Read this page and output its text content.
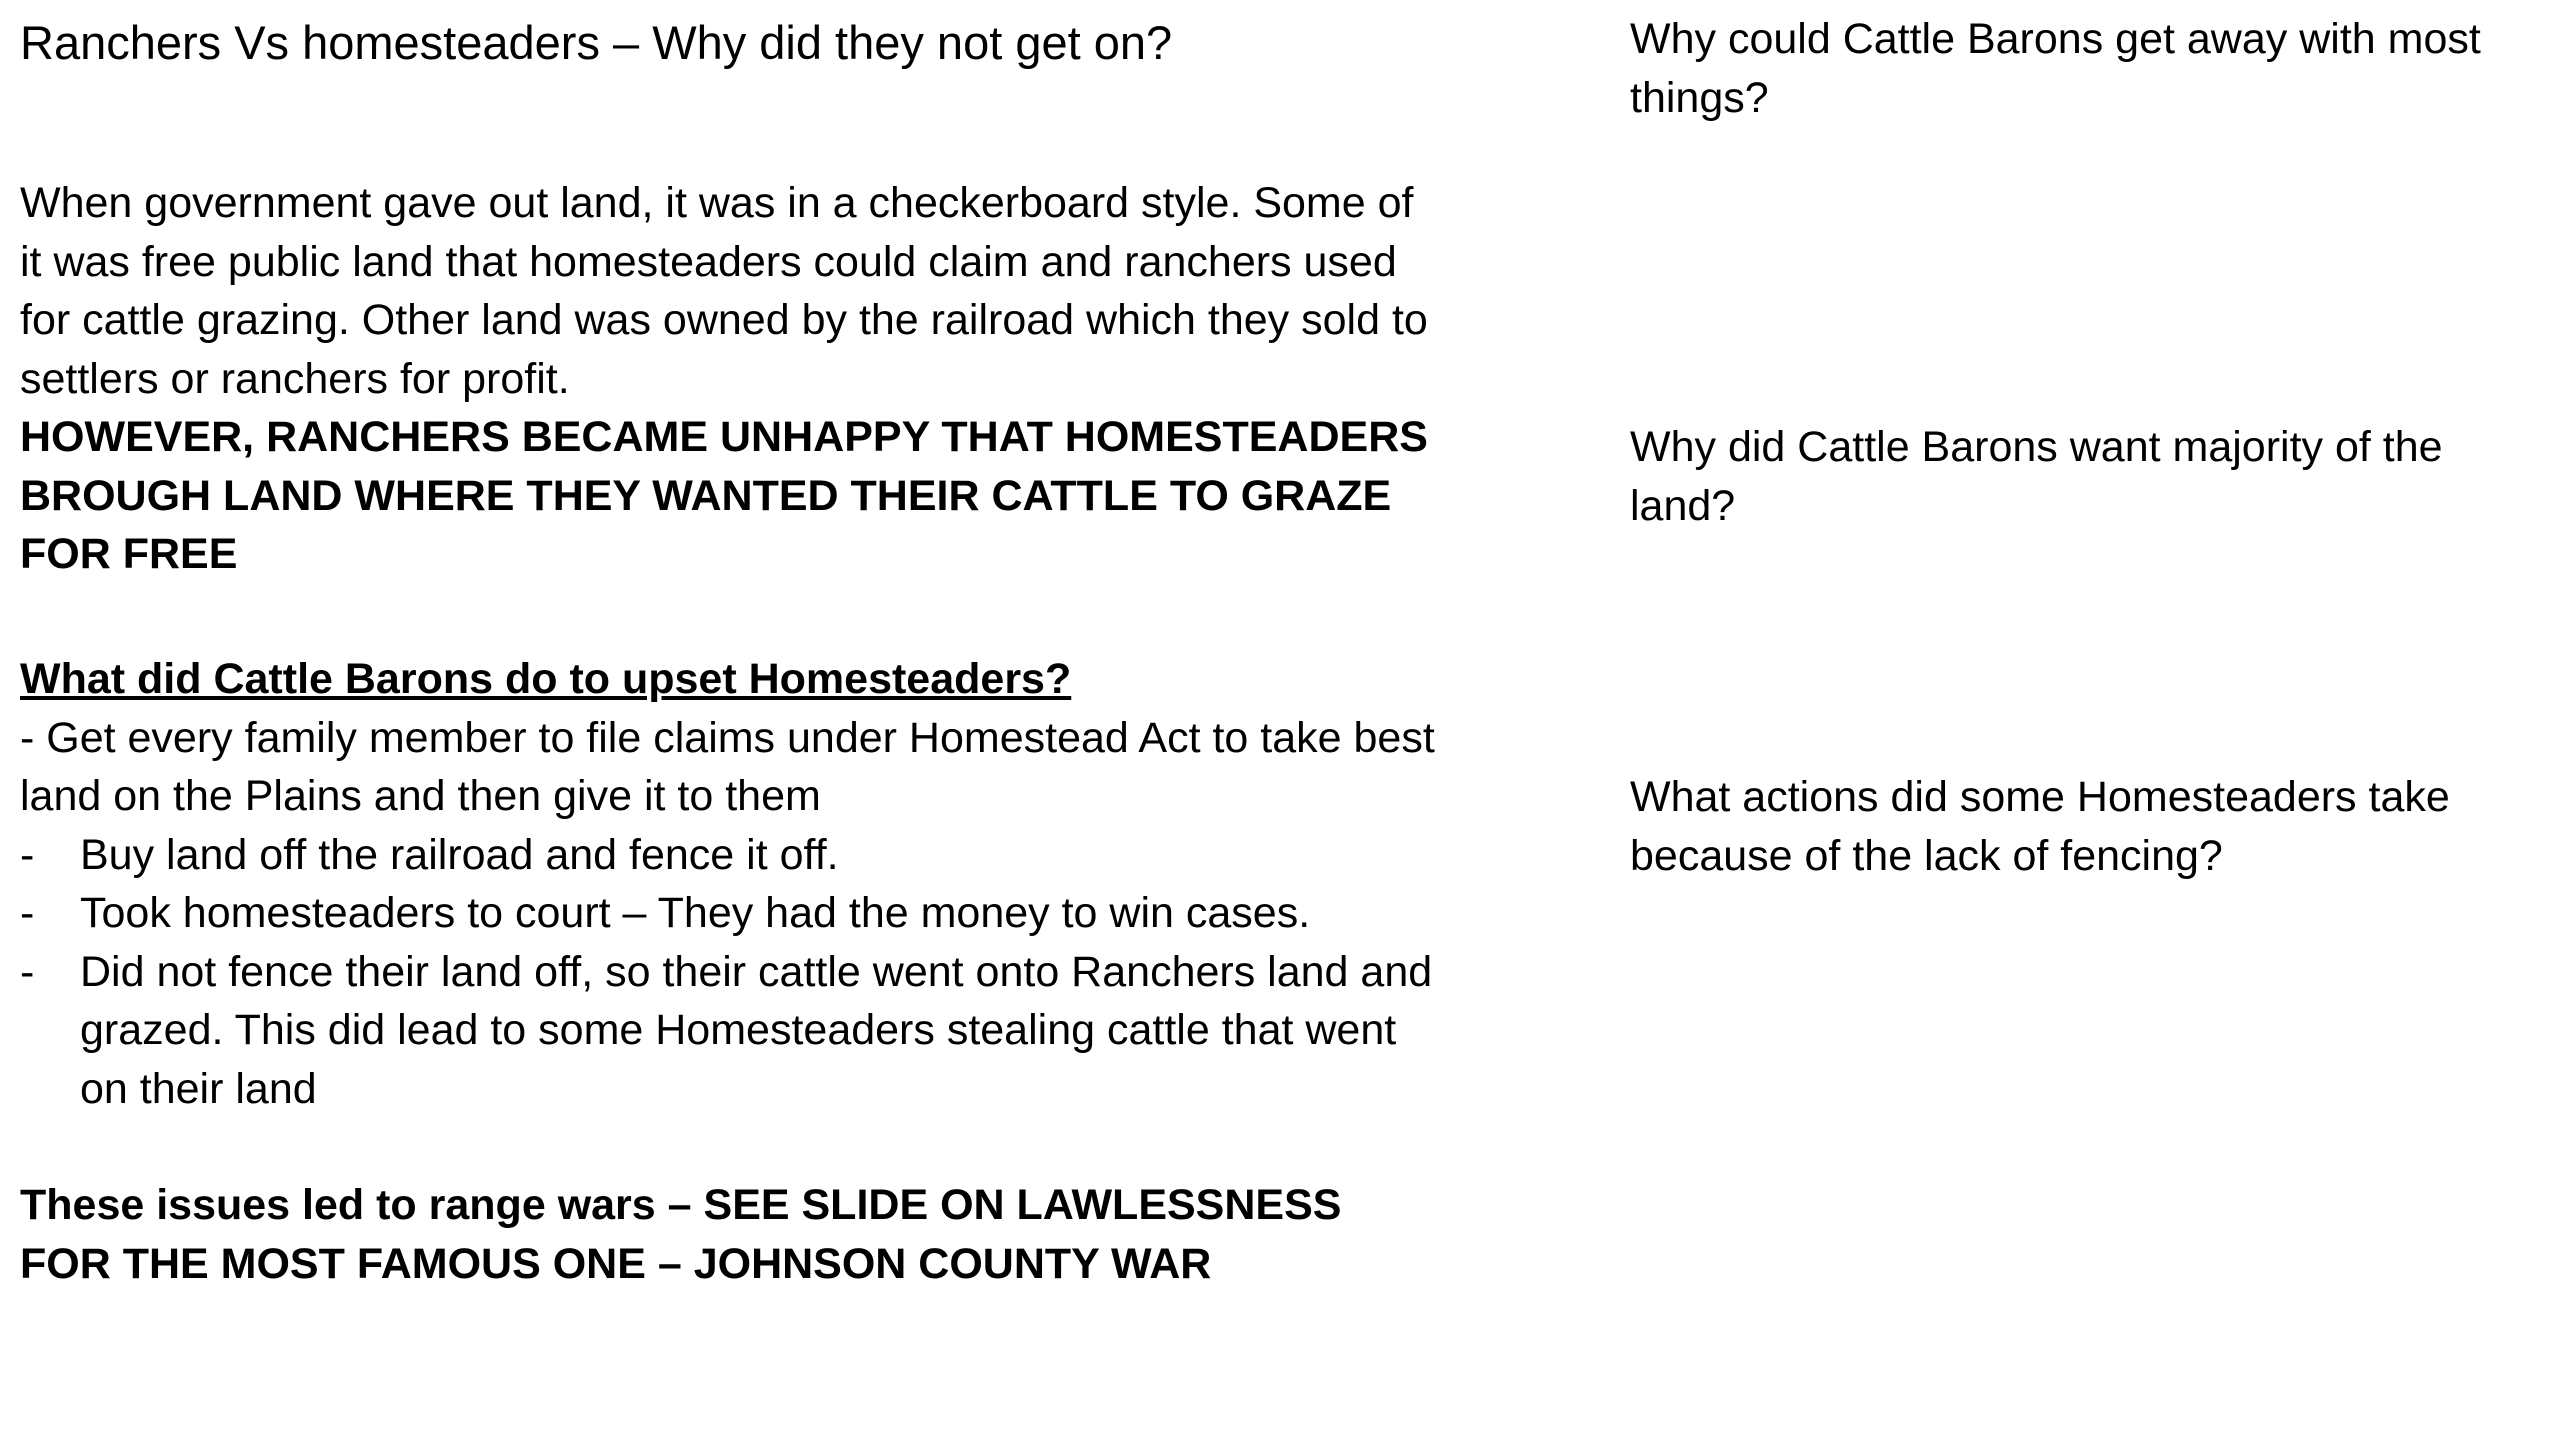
Ranchers Vs homesteaders – Why did they not get on?
When government gave out land, it was in a checkerboard style. Some of it was free public land that homesteaders could claim and ranchers used for cattle grazing. Other land was owned by the railroad which they sold to settlers or ranchers for profit.
HOWEVER, RANCHERS BECAME UNHAPPY THAT HOMESTEADERS BROUGH LAND WHERE THEY WANTED THEIR CATTLE TO GRAZE FOR FREE
What did Cattle Barons do to upset Homesteaders?
- Get every family member to file claims under Homestead Act to take best land on the Plains and then give it to them
-	Buy land off the railroad and fence it off.
-	Took homesteaders to court – They had the money to win cases.
-	Did not fence their land off, so their cattle went onto Ranchers land and grazed. This did lead to some Homesteaders stealing cattle that went on their land
These issues led to range wars – SEE SLIDE ON LAWLESSNESS FOR THE MOST FAMOUS ONE – JOHNSON COUNTY WAR
Why could Cattle Barons get away with most things?
Why did Cattle Barons want majority of the land?
What actions did some Homesteaders take because of the lack of fencing?
